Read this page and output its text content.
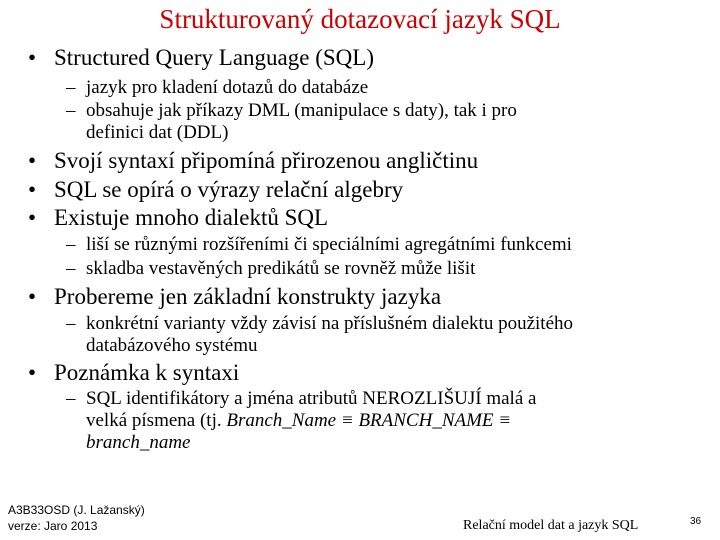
Strukturovaný dotazovací jazyk SQL
• Structured Query Language (SQL)
– jazyk pro kladení dotazů do databáze
– obsahuje jak příkazy DML (manipulace s daty), tak i pro
definici dat (DDL)
• Svojí syntaxí připomíná přirozenou angličtinu
• SQL se opírá o výrazy relační algebry
• Existuje mnoho dialektů SQL
– liší se různými rozšířeními či speciálními agregátními funkcemi
– skladba vestavěných predikátů se rovněž může lišit
• Probereme jen základní konstrukty jazyka
– konkrétní varianty vždy závisí na příslušném dialektu použitého
databázového systému
• Poznámka k syntaxi
– SQL identifikátory a jména atributů NEROZLIŠUJÍ malá a
velká písmena (tj. Branch_Name ≡ BRANCH_NAME ≡
branch_name
A3B33OSD (J. Lažanský)
verze: Jaro 2013	Relační model dat a jazyk SQL	36
